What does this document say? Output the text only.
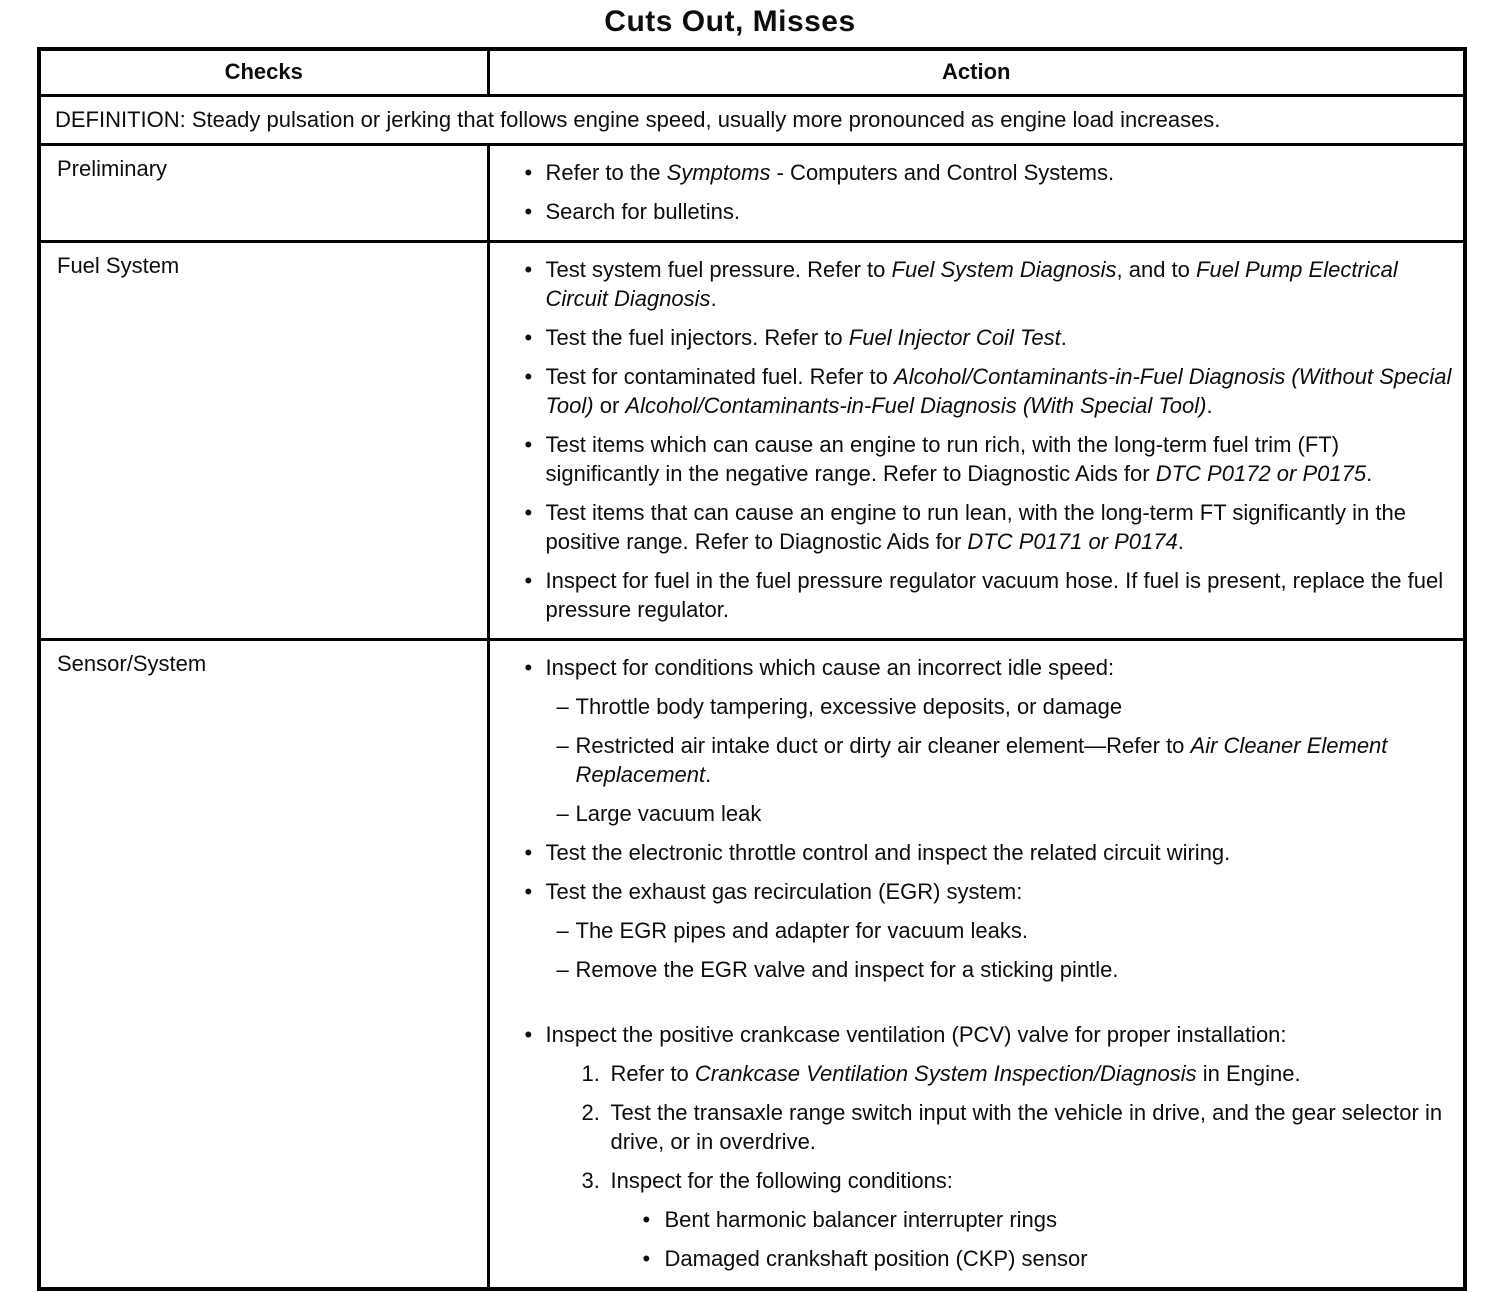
Cuts Out, Misses
Checks	Action
DEFINITION: Steady pulsation or jerking that follows engine speed, usually more pronounced as engine load increases.	
Preliminary	• Refer to the Symptoms - Computers and Control Systems.
• Search for bulletins.

Fuel System	• Test system fuel pressure. Refer to Fuel System Diagnosis, and to Fuel Pump Electrical Circuit Diagnosis.
• Test the fuel injectors. Refer to Fuel Injector Coil Test.
• Test for contaminated fuel. Refer to Alcohol/Contaminants-in-Fuel Diagnosis (Without Special Tool) or Alcohol/Contaminants-in-Fuel Diagnosis (With Special Tool).
• Test items which can cause an engine to run rich, with the long-term fuel trim (FT) significantly in the negative range. Refer to Diagnostic Aids for DTC P0172 or P0175.
• Test items that can cause an engine to run lean, with the long-term FT significantly in the positive range. Refer to Diagnostic Aids for DTC P0171 or P0174.
• Inspect for fuel in the fuel pressure regulator vacuum hose. If fuel is present, replace the fuel pressure regulator.

Sensor/System	• Inspect for conditions which cause an incorrect idle speed:
– Throttle body tampering, excessive deposits, or damage
– Restricted air intake duct or dirty air cleaner element—Refer to Air Cleaner Element Replacement.
– Large vacuum leak
• Test the electronic throttle control and inspect the related circuit wiring.
• Test the exhaust gas recirculation (EGR) system:
– The EGR pipes and adapter for vacuum leaks.
– Remove the EGR valve and inspect for a sticking pintle.
• Inspect the positive crankcase ventilation (PCV) valve for proper installation:
1. Refer to Crankcase Ventilation System Inspection/Diagnosis in Engine.
2. Test the transaxle range switch input with the vehicle in drive, and the gear selector in drive, or in overdrive.
3. Inspect for the following conditions:
• Bent harmonic balancer interrupter rings
• Damaged crankshaft position (CKP) sensor
